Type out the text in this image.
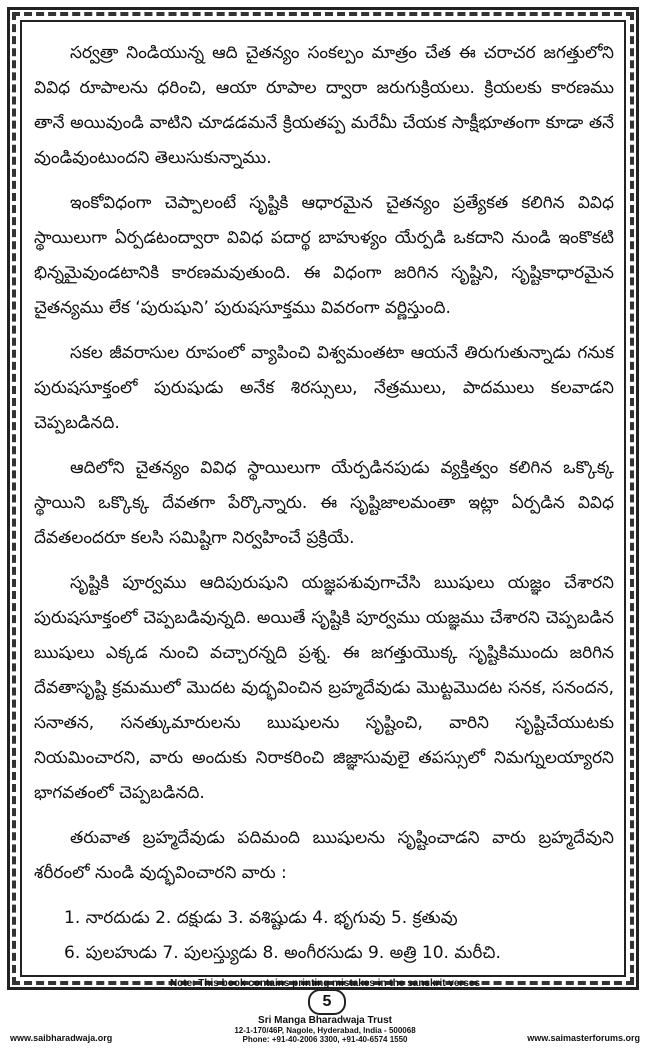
సర్వత్రా నిండియున్న ఆది చైతన్యం సంకల్పం మాత్రం చేత ఈ చరాచర జగత్తులోని వివిధ రూపాలను ధరించి, ఆయా రూపాల ద్వారా జరుగుక్రియలు. క్రియలకు కారణము తానే అయివుండి వాటిని చూడడమనే క్రియతప్ప మరేమీ చేయక సాక్షీభూతంగా కూడా తనే వుండివుంటుందని తెలుసుకున్నాము.

ఇంకోవిధంగా చెప్పాలంటే సృష్టికి ఆధారమైన చైతన్యం ప్రత్యేకత కలిగిన వివిధ స్థాయిలుగా ఏర్పడటంద్వారా వివిధ పదార్థ బాహుళ్యం యేర్పడి ఒకదాని నుండి ఇంకొకటి భిన్నమైవుండటానికి కారణమవుతుంది. ఈ విధంగా జరిగిన సృష్టిని, సృష్టికాధారమైన చైతన్యము లేక ‘పురుషుని’ పురుషసూక్తము వివరంగా వర్ణిస్తుంది.

సకల జీవరాసుల రూపంలో వ్యాపించి విశ్వమంతటా ఆయనే తిరుగుతున్నాడు గనుక పురుషసూక్తంలో పురుషుడు అనేక శిరస్సులు, నేత్రములు, పాదములు కలవాడని చెప్పబడినది.

ఆదిలోని చైతన్యం వివిధ స్థాయిలుగా యేర్పడినపుడు వ్యక్తిత్వం కలిగిన ఒక్కొక్క స్థాయిని ఒక్కొక్క దేవతగా పేర్కొన్నారు. ఈ సృష్టిజాలమంతా ఇట్లా ఏర్పడిన వివిధ దేవతలందరూ కలసి సమిష్టిగా నిర్వహించే ప్రక్రియే.

సృష్టికి పూర్వము ఆదిపురుషుని యజ్ఞపశువుగాచేసి ఋషులు యజ్ఞం చేశారని పురుషసూక్తంలో చెప్పబడివున్నది. అయితే సృష్టికి పూర్వము యజ్ఞము చేశారని చెప్పబడిన ఋషులు ఎక్కడ నుంచి వచ్చారన్నది ప్రశ్న. ఈ జగత్తుయొక్క సృష్టికిముందు జరిగిన దేవతాసృష్టి క్రమములో మొదట వుద్భవించిన బ్రహ్మదేవుడు మొట్టమొదట సనక, సనందన, సనాతన, సనత్కుమారులను ఋషులను సృష్టించి, వారిని సృష్టిచేయుటకు నియమించారని, వారు అందుకు నిరాకరించి జిజ్ఞాసువులై తపస్సులో నిమగ్నులయ్యారని భాగవతంలో చెప్పబడినది.

తరువాత బ్రహ్మదేవుడు పదిమంది ఋషులను సృష్టించాడని వారు బ్రహ్మదేవుని శరీరంలో నుండి వుద్భవించారని వారు :

1. నారదుడు 2. దక్షుడు 3. వశిష్టుడు 4. భృగువు 5. క్రతువు
6. పులహుడు 7. పులస్త్యుడు 8. అంగీరసుడు 9. అత్రి 10. మరీచి.
Note: This book contains printing mistakes in the sanskrit verses
5
www.saibharadwaja.org
Sri Manga Bharadwaja Trust
12-1-170/46P, Nagole, Hyderabad, India - 500068
Phone: +91-40-2006 3300, +91-40-6574 1550	www.saimasterforums.org
